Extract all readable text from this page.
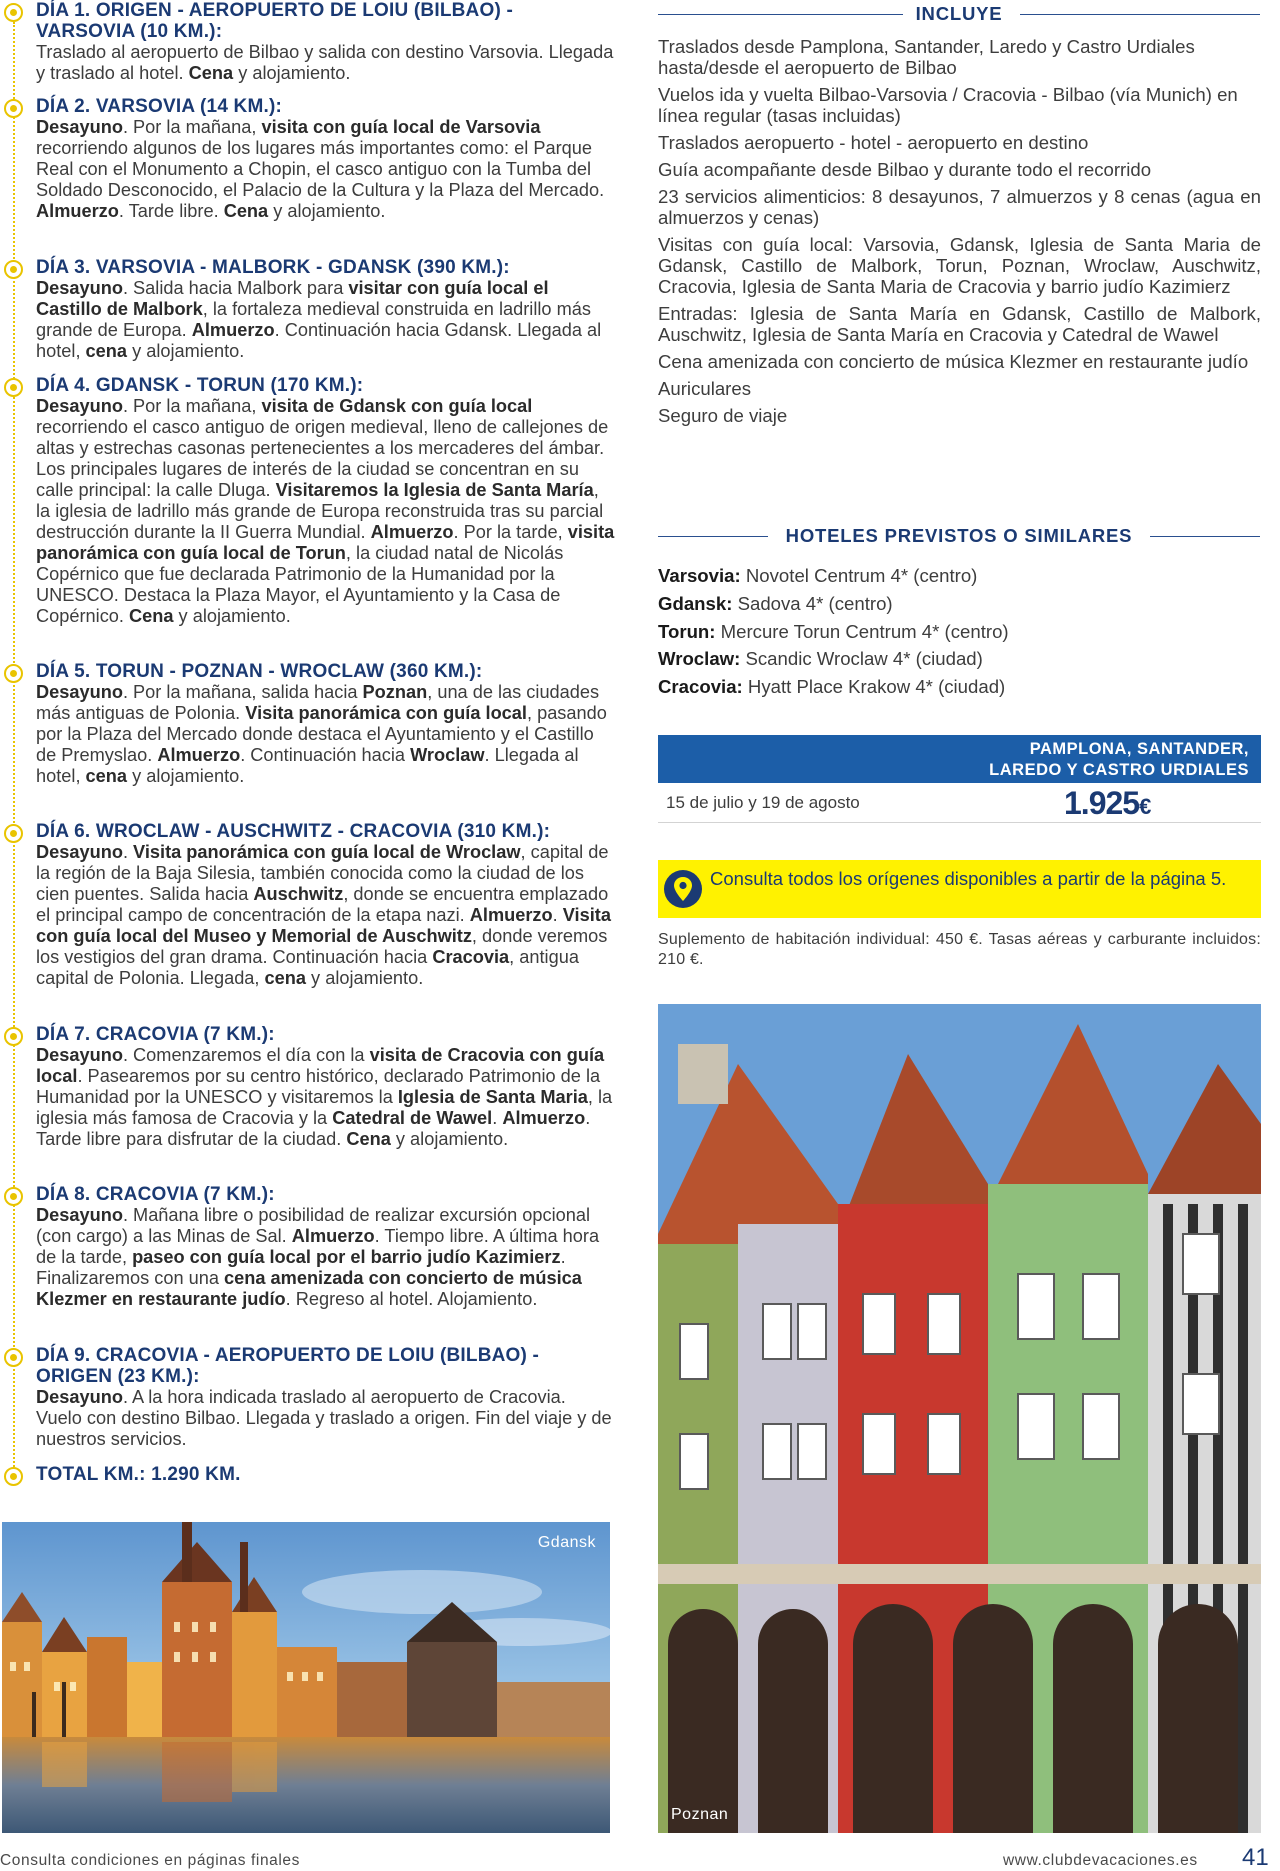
DÍA 1. ORIGEN - AEROPUERTO DE LOIU (BILBAO) - VARSOVIA (10 KM.):
Traslado al aeropuerto de Bilbao y salida con destino Varsovia. Llegada y traslado al hotel. Cena y alojamiento.
DÍA 2. VARSOVIA (14 KM.):
Desayuno. Por la mañana, visita con guía local de Varsovia recorriendo algunos de los lugares más importantes como: el Parque Real con el Monumento a Chopin, el casco antiguo con la Tumba del Soldado Desconocido, el Palacio de la Cultura y la Plaza del Mercado. Almuerzo. Tarde libre. Cena y alojamiento.
DÍA 3. VARSOVIA - MALBORK - GDANSK (390 KM.):
Desayuno. Salida hacia Malbork para visitar con guía local el Castillo de Malbork, la fortaleza medieval construida en ladrillo más grande de Europa. Almuerzo. Continuación hacia Gdansk. Llegada al hotel, cena y alojamiento.
DÍA 4. GDANSK - TORUN (170 KM.):
Desayuno. Por la mañana, visita de Gdansk con guía local recorriendo el casco antiguo de origen medieval, lleno de callejones de altas y estrechas casonas pertenecientes a los mercaderes del ámbar. Los principales lugares de interés de la ciudad se concentran en su calle principal: la calle Dluga. Visitaremos la Iglesia de Santa María, la iglesia de ladrillo más grande de Europa reconstruida tras su parcial destrucción durante la II Guerra Mundial. Almuerzo. Por la tarde, visita panorámica con guía local de Torun, la ciudad natal de Nicolás Copérnico que fue declarada Patrimonio de la Humanidad por la UNESCO. Destaca la Plaza Mayor, el Ayuntamiento y la Casa de Copérnico. Cena y alojamiento.
DÍA 5. TORUN - POZNAN - WROCLAW (360 KM.):
Desayuno. Por la mañana, salida hacia Poznan, una de las ciudades más antiguas de Polonia. Visita panorámica con guía local, pasando por la Plaza del Mercado donde destaca el Ayuntamiento y el Castillo de Premyslao. Almuerzo. Continuación hacia Wroclaw. Llegada al hotel, cena y alojamiento.
DÍA 6. WROCLAW - AUSCHWITZ - CRACOVIA (310 KM.):
Desayuno. Visita panorámica con guía local de Wroclaw, capital de la región de la Baja Silesia, también conocida como la ciudad de los cien puentes. Salida hacia Auschwitz, donde se encuentra emplazado el principal campo de concentración de la etapa nazi. Almuerzo. Visita con guía local del Museo y Memorial de Auschwitz, donde veremos los vestigios del gran drama. Continuación hacia Cracovia, antigua capital de Polonia. Llegada, cena y alojamiento.
DÍA 7. CRACOVIA (7 KM.):
Desayuno. Comenzaremos el día con la visita de Cracovia con guía local. Pasearemos por su centro histórico, declarado Patrimonio de la Humanidad por la UNESCO y visitaremos la Iglesia de Santa Maria, la iglesia más famosa de Cracovia y la Catedral de Wawel. Almuerzo. Tarde libre para disfrutar de la ciudad. Cena y alojamiento.
DÍA 8. CRACOVIA (7 KM.):
Desayuno. Mañana libre o posibilidad de realizar excursión opcional (con cargo) a las Minas de Sal. Almuerzo. Tiempo libre. A última hora de la tarde, paseo con guía local por el barrio judío Kazimierz. Finalizaremos con una cena amenizada con concierto de música Klezmer en restaurante judío. Regreso al hotel. Alojamiento.
DÍA 9. CRACOVIA - AEROPUERTO DE LOIU (BILBAO) - ORIGEN (23 KM.):
Desayuno. A la hora indicada traslado al aeropuerto de Cracovia. Vuelo con destino Bilbao. Llegada y traslado a origen. Fin del viaje y de nuestros servicios.
TOTAL KM.: 1.290 KM.
Gdansk
INCLUYE
Traslados desde Pamplona, Santander, Laredo y Castro Urdiales hasta/desde el aeropuerto de Bilbao
Vuelos ida y vuelta Bilbao-Varsovia / Cracovia - Bilbao (vía Munich) en línea regular (tasas incluidas)
Traslados aeropuerto - hotel - aeropuerto en destino
Guía acompañante desde Bilbao y durante todo el recorrido
23 servicios alimenticios: 8 desayunos, 7 almuerzos y 8 cenas (agua en almuerzos y cenas)
Visitas con guía local: Varsovia, Gdansk, Iglesia de Santa Maria de Gdansk, Castillo de Malbork, Torun, Poznan, Wroclaw, Auschwitz, Cracovia, Iglesia de Santa Maria de Cracovia y barrio judío Kazimierz
Entradas: Iglesia de Santa María en Gdansk, Castillo de Malbork, Auschwitz, Iglesia de Santa María en Cracovia y Catedral de Wawel
Cena amenizada con concierto de música Klezmer en restaurante judío
Auriculares
Seguro de viaje
HOTELES PREVISTOS O SIMILARES
Varsovia: Novotel Centrum 4* (centro)
Gdansk: Sadova 4* (centro)
Torun: Mercure Torun Centrum 4* (centro)
Wroclaw: Scandic Wroclaw 4* (ciudad)
Cracovia: Hyatt Place Krakow 4* (ciudad)
PAMPLONA, SANTANDER,
LAREDO Y CASTRO URDIALES
15 de julio y 19 de agosto	1.925€
Consulta todos los orígenes disponibles a partir de la página 5.
Suplemento de habitación individual: 450 €. Tasas aéreas y carburante incluidos: 210 €.
Poznan
Consulta condiciones en páginas finales	www.clubdevacaciones.es 41
